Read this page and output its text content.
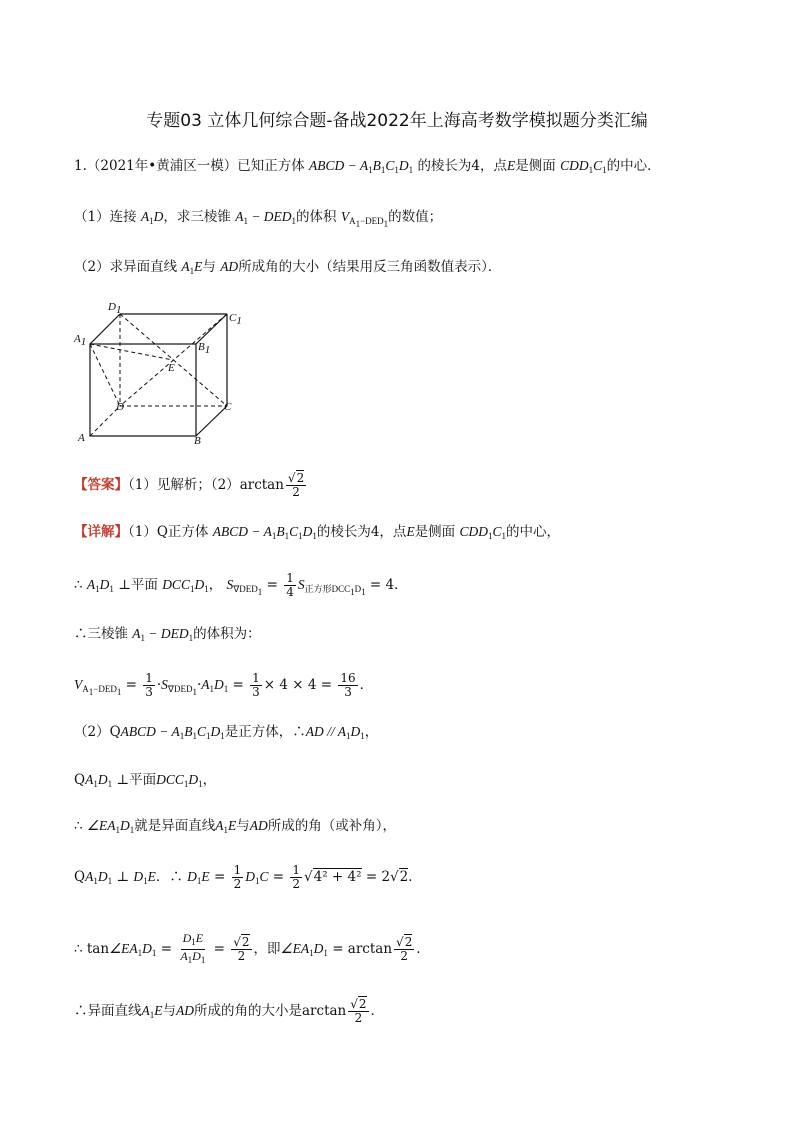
专题03 立体几何综合题-备战2022年上海高考数学模拟题分类汇编
1.（2021年•黄浦区一模）已知正方体 ABCD − $A_1B_1C_1D_1$ 的棱长为4，点E是侧面 $CDD_1C_1$的中心．
（1）连接 $A_1D$，求三棱锥 $A_1 - DED_1$的体积 $V_{A_1-DED_1}$的数值；
（2）求异面直线 $A_1E$与 AD所成角的大小（结果用反三角函数值表示）．
D1
C1
A1	B1
E
D	C
A	B
【答案】（1）见解析；$(2)\arctan \frac{√2}{2}$
【详解】（1）Q正方体 ABCD − $A_1B_1C_1D_1$的棱长为4，点E是侧面 $CDD_1C_1$的中心，
∴ $A_1D_1$ ⊥平面 $DCC_1D_1$， $S_{\nabla DED_1} = \frac{1}{4} S_{正方形DCC_1D_1} = 4$．
∴三棱锥 $A_1 - DED_1$的体积为：
$V_{A_1-DED_1} = \frac{1}{3} \cdot S_{\nabla DED_1}\cdot A_1D_1 = \frac{1}{3} \times 4 \times 4 = \frac{16}{3}$ ．
（2）QABCD − $A_1B_1C_1D_1$是正方体，∴AD // $A_1D_1$，
$QA_1D_1$ ⊥平面$DCC_1D_1$，
∴ $\angle EA_1D_1$就是异面直线$A_1E$与AD所成的角（或补角），
$QA_1D_1$ ⊥ $D_1E$．∴ $D_1E = \frac{1}{2} D_1C = \frac{1}{2} √4^2 + 4^2 = 2√2$．
∴ $\tan\angle EA_1D_1 = \frac{D_1E}{A_1D_1} = \frac{√2}{2}$ ，即$\angle EA_1D_1 = \arctan \frac{√2}{2}$ ．
∴异面直线$A_1E$与AD所成的角的大小是$\arctan \frac{√2}{2}$ ．
